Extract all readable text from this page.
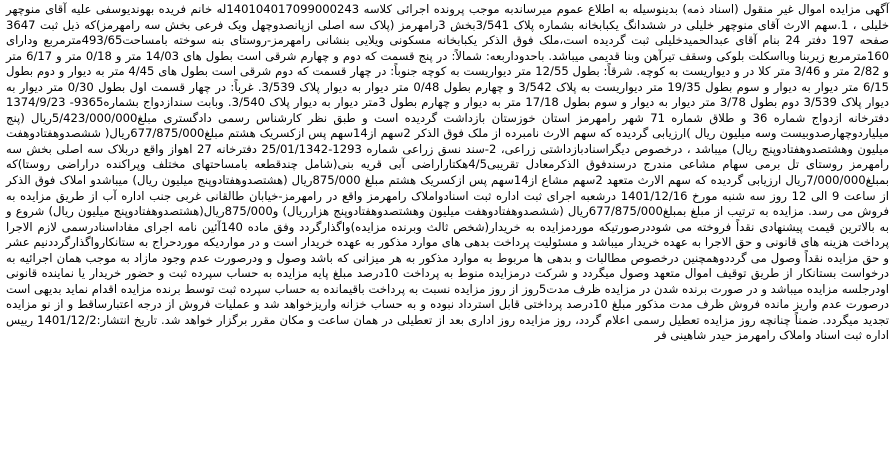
آگهی مزایده اموال غیر منقول (اسناد ذمه) بدینوسیله به اطلاع عموم میرساندبه موجب پرونده اجرائی کلاسه 140104017099000243له خانم فریده بهوندیوسفی علیه آقای منوچهر خلیلی ، 1.سهم الارث آقای منوچهر خلیلی در ششدانگ یکبابخانه بشماره پلاک 3/541بخش 3رامهرمز (پلاک سه اصلی ازپانصدوچهل ویک فرعی بخش سه رامهرمز)که ذیل ثبت 3647 صفحه 197 دفتر 24 بنام آقای عبدالحمیدخلیلی ثبت گردیده است،ملک فوق الذکر یکبابخانه مسکونی ویلایی بنشانی رامهرمز-روستای بنه سوخته بامساحت493/65مترمربع ودارای 160مترمربع زیربنا وبااسکلت بلوکی وسقف تیرآهن وبنا قدیمی میباشد. باحدوداربعه: شمالاً: در پنج قسمت که دوم و چهارم شرقی است بطول های 14/03 متر و 0/18 متر و 6/17 متر و 2/82 متر و 3/46 متر کلا در و دیواریست به کوچه. شرقاً: بطول 12/55 متر دیواریست به کوچه جنوباً: در چهار قسمت که دوم شرقی است بطول های 4/45 متر به دیوار و دوم بطول 6/15 متر دیوار به دیوار و سوم بطول 19/35 متر دیواریست به پلاک 3/542 و چهارم بطول 0/48 متر دیوار به دیوار پلاک 3/539. غرباً: در چهار قسمت اول بطول 0/30 متر دیوار به دیوار پلاک 3/539 دوم بطول 3/78 متر دیوار به دیوار و سوم بطول 17/18 متر به دیوار و چهارم بطول 3متر دیوار به دیوار پلاک 3/540. وبابت سندازدواج بشماره9365- 1374/9/23 دفترخانه ازدواج شماره 36 و طلاق شماره 71 شهر رامهرمز استان خوزستان بازداشت گردیده است و طبق نظر کارشناس رسمی دادگستری مبلغ5/423/000/000ریال (پنج میلیاردوچهارصدوبیست وسه میلیون ریال )ارزیابی گردیده که سهم الارث نامبرده از ملک فوق الذکر 2سهم از14سهم پس ازکسریک هشتم مبلغ677/875/000ریال( ششصدوهفتادوهفت میلیون وهشتصدوهفتادوپنج ریال) میباشد ، درخصوص دیگراسنادبازداشتی زراعی، 2-سند نسق زراعی شماره 1293-25/01/1342 دفترخانه 27 اهواز واقع دربلاک سه اصلی بخش سه رامهرمز روستای تل برمی سهام مشاعی مندرج درسندفوق الذکرمعادل تقریبی4/5هکتاراراضی آبی قریه بنی(شامل چندقطعه بامساحتهای مختلف وپراکنده دراراضی روستا)که بمبلغ7/000/000ریال ارزیابی گردیده که سهم الارث متعهد 2سهم مشاع از14سهم پس ازکسریک هشتم مبلغ 875/000ریال (هشتصدوهفتادوپنج میلیون ریال) میباشدو املاک فوق الذکر از ساعت 9 الی 12 روز سه شنبه مورخ 1401/12/16 درشعبه اجرای ثبت اداره ثبت اسنادواملاک رامهرمز واقع در رامهرمز-خیابان طالقانی غربی جنب اداره آب از طریق مزایده به فروش می رسد. مزایده به ترتیب از مبلغ بمبلغ677/875/000ریال (ششصدوهفتادوهفت میلیون وهشتصدوهفتادوپنج هزارریال) و875/000ریال(هشتصدوهفتادوپنج میلیون ریال) شروع و به بالاترین قیمت پیشنهادی نقداً فروخته می شوددرصورتیکه موردمزایده به خریدار(شخص ثالث وبرنده مزایده)واگذارگردد وفق ماده 140آئین نامه اجرای مفاداسنادرسمی لازم الاجرا پرداخت هزینه های قانونی و حق الاجرا به عهده خریدار میباشد و مسئولیت پرداخت بدهی های موارد مذکور به عهده خریدار است و در مواردیکه موردحراج به ستانکارواگذارگرددنیم عشر و حق مزایده نقداً وصول می گرددوهمچنین درخصوص مطالبات و بدهی ها مربوط به موارد مذکور به هر میزانی که باشد وصول و ودرصورت عدم وجود مازاد به موجب همان اجرائیه به درخواست بستانکار از طریق توقیف اموال متعهد وصول میگردد و شرکت درمزایده منوط به پرداخت 10درصد مبلغ پایه مزایده به حساب سپرده ثبت و حضور خریدار یا نماینده قانونی اودرجلسه مزایده میباشد و در صورت برنده شدن در مزایده ظرف مدت5روز از روز مزایده نسبت به پرداخت باقیمانده به حساب سپرده ثبت توسط برنده مزایده اقدام نماید بدیهی است درصورت عدم واریز مانده فروش ظرف مدت مذکور مبلغ 10درصد پرداختی قابل استرداد نبوده و به حساب خزانه واریزخواهد شد و عملیات فروش از درجه اعتبارساقط و از نو مزایده تجدید میگردد. ضمناً چنانچه روز مزایده تعطیل رسمی اعلام گردد، روز مزایده روز اداری بعد از تعطیلی در همان ساعت و مکان مقرر برگزار خواهد شد. تاریخ انتشار:1401/12/2 رییس اداره ثبت اسناد واملاک رامهرمز حیدر شاهینی فر
